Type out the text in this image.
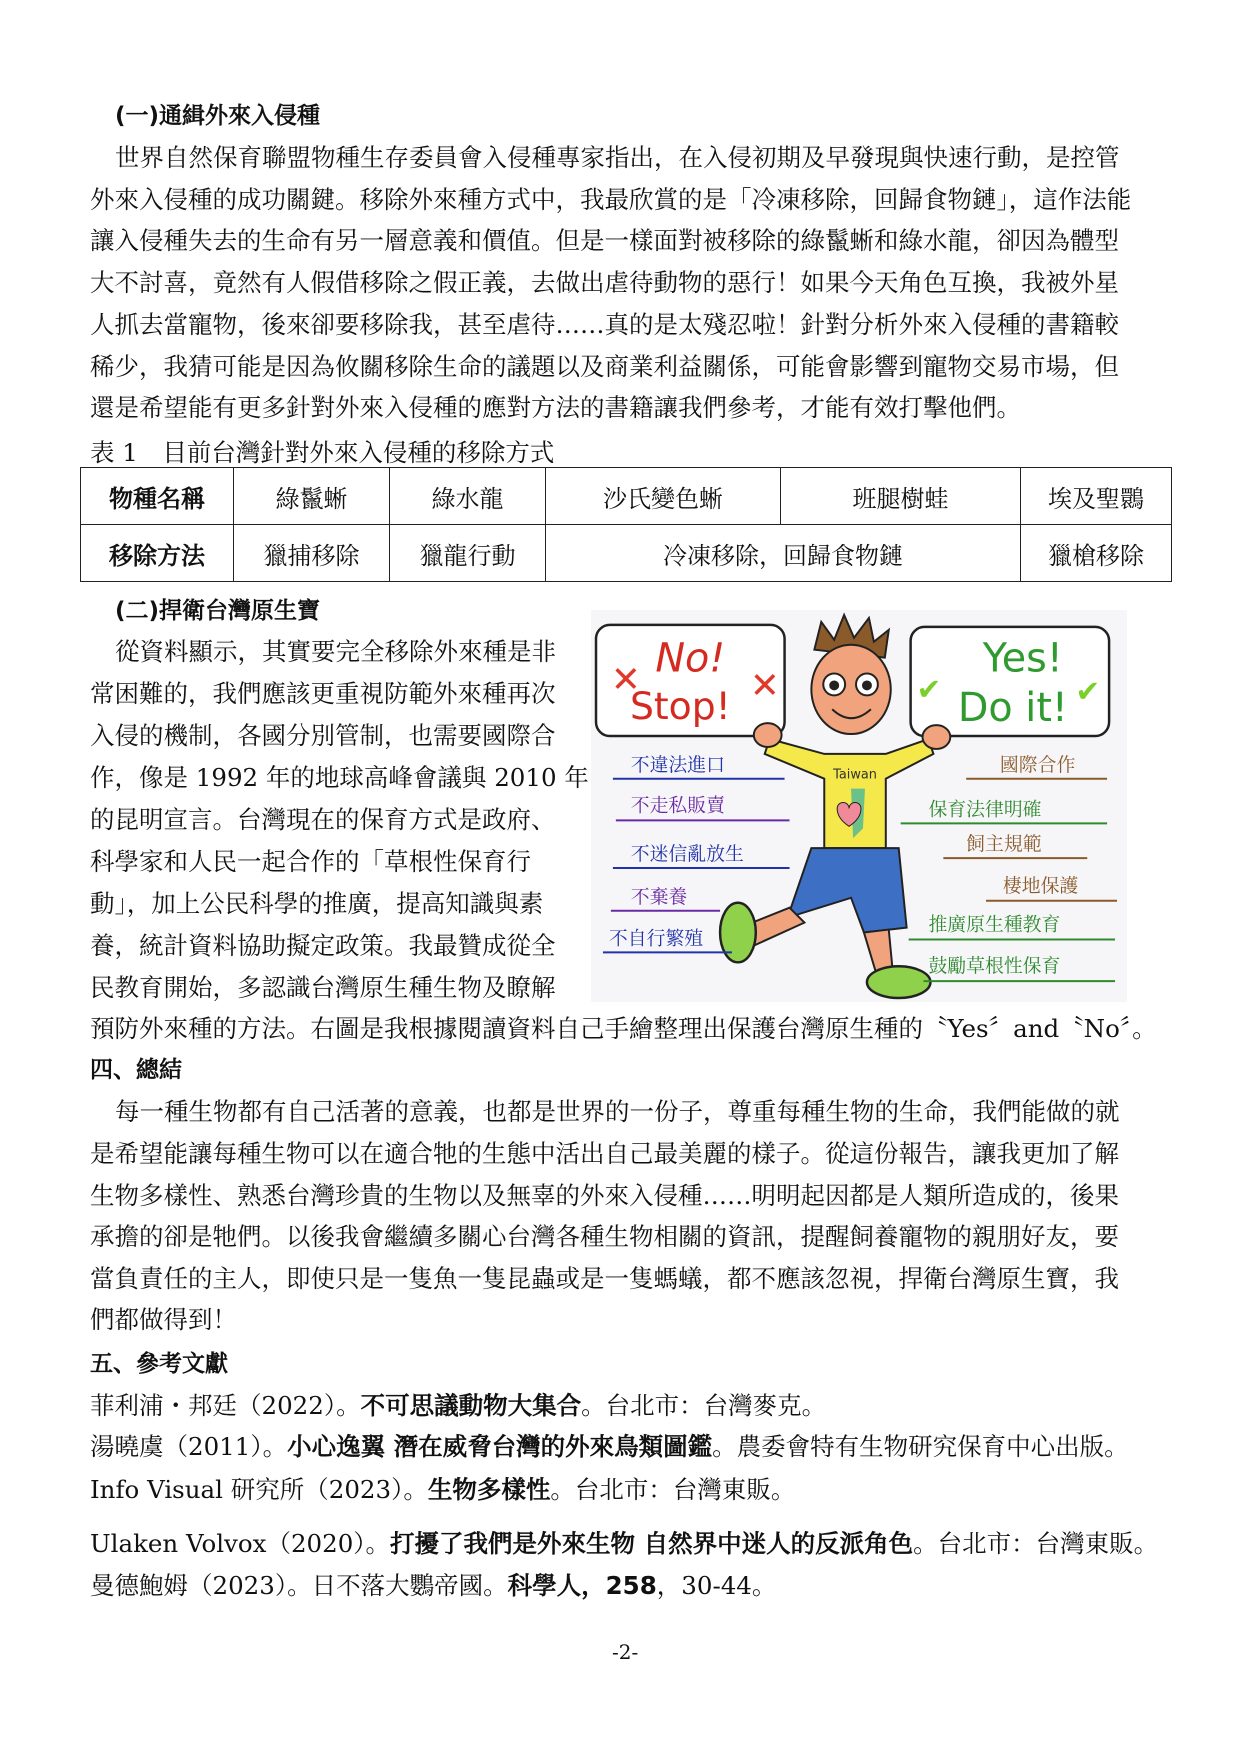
(一)通緝外來入侵種
世界自然保育聯盟物種生存委員會入侵種專家指出，在入侵初期及早發現與快速行動，是控管
外來入侵種的成功關鍵。移除外來種方式中，我最欣賞的是「冷凍移除，回歸食物鏈」，這作法能
讓入侵種失去的生命有另一層意義和價值。但是一樣面對被移除的綠鬣蜥和綠水龍，卻因為體型
大不討喜，竟然有人假借移除之假正義，去做出虐待動物的惡行！如果今天角色互換，我被外星
人抓去當寵物，後來卻要移除我，甚至虐待……真的是太殘忍啦！針對分析外來入侵種的書籍較
稀少，我猜可能是因為攸關移除生命的議題以及商業利益關係，可能會影響到寵物交易市場，但
還是希望能有更多針對外來入侵種的應對方法的書籍讓我們參考，才能有效打擊他們。
表 1　目前台灣針對外來入侵種的移除方式
物種名稱	綠鬣蜥	綠水龍	沙氏變色蜥	班腿樹蛙	埃及聖䴉
移除方法	獵捕移除	獵龍行動	冷凍移除，回歸食物鏈		獵槍移除
(二)捍衛台灣原生寶
從資料顯示，其實要完全移除外來種是非
常困難的，我們應該更重視防範外來種再次
入侵的機制，各國分別管制，也需要國際合
作，像是 1992 年的地球高峰會議與 2010 年
的昆明宣言。台灣現在的保育方式是政府、
科學家和人民一起合作的「草根性保育行
動」，加上公民科學的推廣，提高知識與素
養，統計資料協助擬定政策。我最贊成從全
民教育開始，多認識台灣原生種生物及瞭解
預防外來種的方法。右圖是我根據閱讀資料自己手繪整理出保護台灣原生種的〝Yes〞and〝No〞。
No!
Stop!
✕	✕
Yes!
Do it!
✔	✔
Taiwan
不違法進口
不走私販賣
不迷信亂放生
不棄養
不自行繁殖
國際合作
保育法律明確
飼主規範
棲地保護
推廣原生種教育
鼓勵草根性保育
四、總結
每一種生物都有自己活著的意義，也都是世界的一份子，尊重每種生物的生命，我們能做的就
是希望能讓每種生物可以在適合牠的生態中活出自己最美麗的樣子。從這份報告，讓我更加了解
生物多樣性、熟悉台灣珍貴的生物以及無辜的外來入侵種……明明起因都是人類所造成的，後果
承擔的卻是牠們。以後我會繼續多關心台灣各種生物相關的資訊，提醒飼養寵物的親朋好友，要
當負責任的主人，即使只是一隻魚一隻昆蟲或是一隻螞蟻，都不應該忽視，捍衛台灣原生寶，我
們都做得到！
五、參考文獻
菲利浦・邦廷（2022）。不可思議動物大集合。台北市：台灣麥克。
湯曉虞（2011）。小心逸翼 潛在威脅台灣的外來鳥類圖鑑。農委會特有生物研究保育中心出版。
Info Visual 研究所（2023）。生物多樣性。台北市：台灣東販。
Ulaken Volvox（2020）。打擾了我們是外來生物 自然界中迷人的反派角色。台北市：台灣東販。
曼德鮑姆（2023）。日不落大鸚帝國。科學人，258，30-44。
-2-
